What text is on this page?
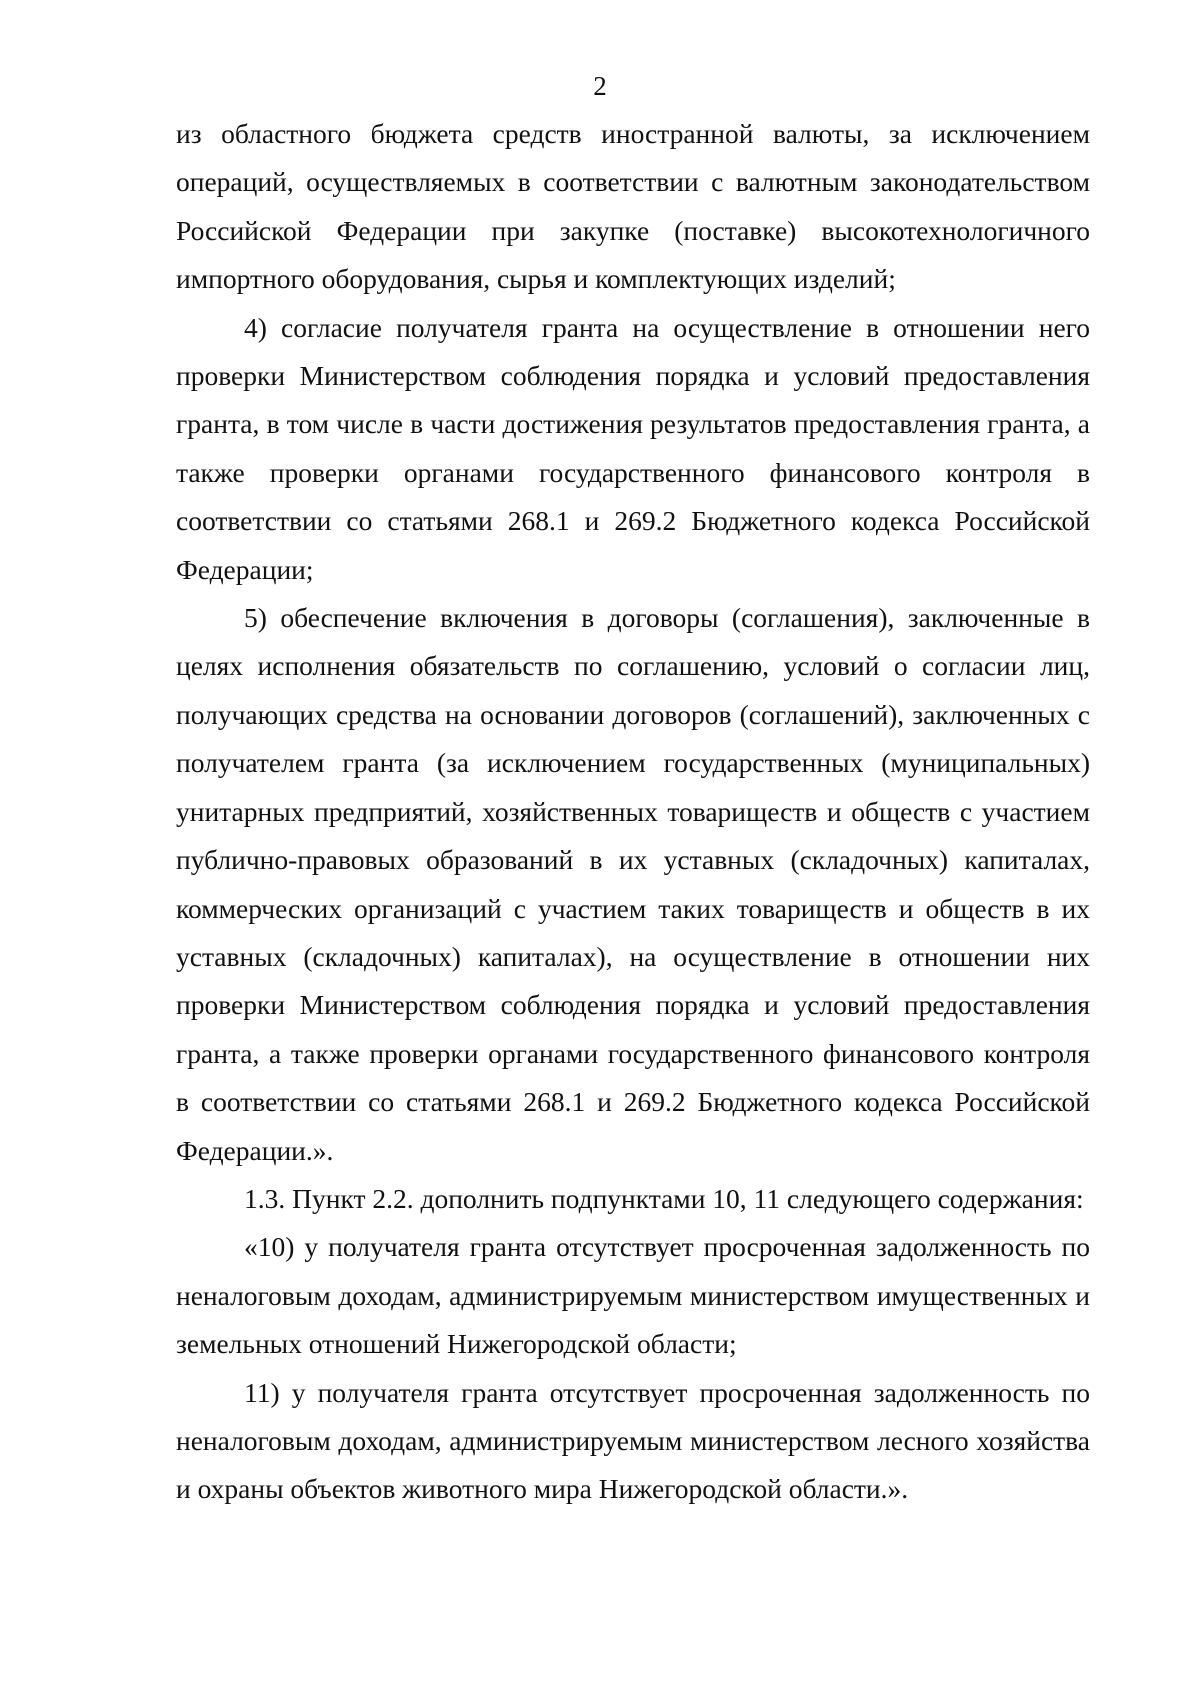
2

из областного бюджета средств иностранной валюты, за исключением операций, осуществляемых в соответствии с валютным законодательством Российской Федерации при закупке (поставке) высокотехнологичного импортного оборудования, сырья и комплектующих изделий;

4) согласие получателя гранта на осуществление в отношении него проверки Министерством соблюдения порядка и условий предоставления гранта, в том числе в части достижения результатов предоставления гранта, а также проверки органами государственного финансового контроля в соответствии со статьями 268.1 и 269.2 Бюджетного кодекса Российской Федерации;

5) обеспечение включения в договоры (соглашения), заключенные в целях исполнения обязательств по соглашению, условий о согласии лиц, получающих средства на основании договоров (соглашений), заключенных с получателем гранта (за исключением государственных (муниципальных) унитарных предприятий, хозяйственных товариществ и обществ с участием публично-правовых образований в их уставных (складочных) капиталах, коммерческих организаций с участием таких товариществ и обществ в их уставных (складочных) капиталах), на осуществление в отношении них проверки Министерством соблюдения порядка и условий предоставления гранта, а также проверки органами государственного финансового контроля в соответствии со статьями 268.1 и 269.2 Бюджетного кодекса Российской Федерации.».

1.3. Пункт 2.2. дополнить подпунктами 10, 11 следующего содержания:

«10) у получателя гранта отсутствует просроченная задолженность по неналоговым доходам, администрируемым министерством имущественных и земельных отношений Нижегородской области;

11) у получателя гранта отсутствует просроченная задолженность по неналоговым доходам, администрируемым министерством лесного хозяйства и охраны объектов животного мира Нижегородской области.».
